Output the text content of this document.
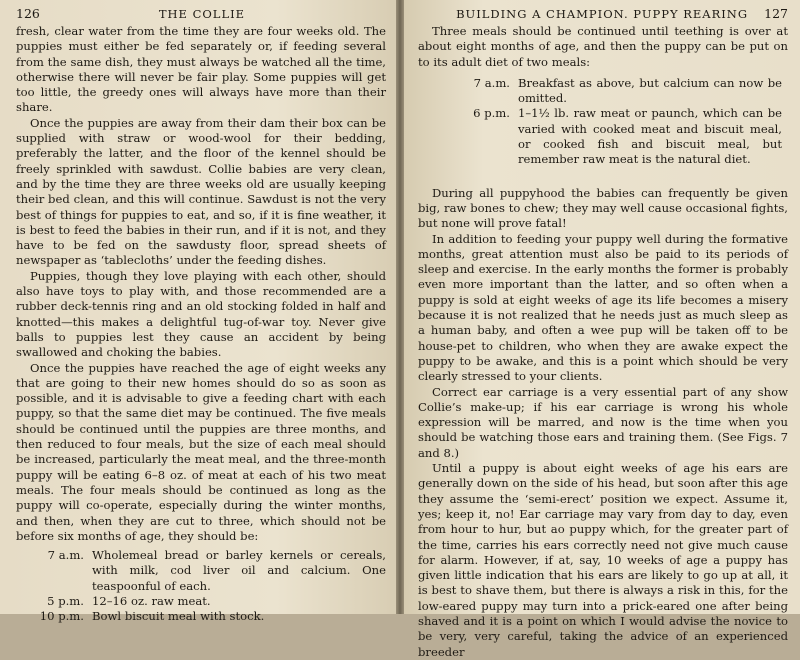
126	THE COLLIE

fresh, clear water from the time they are four weeks old. The puppies must either be fed separately or, if feeding several from the same dish, they must always be watched all the time, otherwise there will never be fair play. Some puppies will get too little, the greedy ones will always have more than their share.

Once the puppies are away from their dam their box can be supplied with straw or wood-wool for their bedding, preferably the latter, and the floor of the kennel should be freely sprinkled with sawdust. Collie babies are very clean, and by the time they are three weeks old are usually keeping their bed clean, and this will continue. Sawdust is not the very best of things for puppies to eat, and so, if it is fine weather, it is best to feed the babies in their run, and if it is not, and they have to be fed on the sawdusty floor, spread sheets of newspaper as ‘tablecloths’ under the feeding dishes.

Puppies, though they love playing with each other, should also have toys to play with, and those recommended are a rubber deck-tennis ring and an old stocking folded in half and knotted—this makes a delightful tug-of-war toy. Never give balls to puppies lest they cause an accident by being swallowed and choking the babies.

Once the puppies have reached the age of eight weeks any that are going to their new homes should do so as soon as possible, and it is advisable to give a feeding chart with each puppy, so that the same diet may be continued. The five meals should be continued until the puppies are three months, and then reduced to four meals, but the size of each meal should be increased, particularly the meat meal, and the three-month puppy will be eating 6–8 oz. of meat at each of his two meat meals. The four meals should be continued as long as the puppy will co-operate, especially during the winter months, and then, when they are cut to three, which should not be before six months of age, they should be:

7 a.m. Wholemeal bread or barley kernels or cereals, with milk, cod liver oil and calcium. One teaspoonful of each.
5 p.m. 12–16 oz. raw meat.
10 p.m. Bowl biscuit meal with stock.
BUILDING A CHAMPION. PUPPY REARING 127

Three meals should be continued until teething is over at about eight months of age, and then the puppy can be put on to its adult diet of two meals:

7 a.m. Breakfast as above, but calcium can now be omitted.
6 p.m. 1–1½ lb. raw meat or paunch, which can be varied with cooked meat and biscuit meal, or cooked fish and biscuit meal, but remember raw meat is the natural diet.

During all puppyhood the babies can frequently be given big, raw bones to chew; they may well cause occasional fights, but none will prove fatal!

In addition to feeding your puppy well during the formative months, great attention must also be paid to its periods of sleep and exercise. In the early months the former is probably even more important than the latter, and so often when a puppy is sold at eight weeks of age its life becomes a misery because it is not realized that he needs just as much sleep as a human baby, and often a wee pup will be taken off to be house-pet to children, who when they are awake expect the puppy to be awake, and this is a point which should be very clearly stressed to your clients.

Correct ear carriage is a very essential part of any show Collie’s make-up; if his ear carriage is wrong his whole expression will be marred, and now is the time when you should be watching those ears and training them. (See Figs. 7 and 8.)

Until a puppy is about eight weeks of age his ears are generally down on the side of his head, but soon after this age they assume the ‘semi-erect’ position we expect. Assume it, yes; keep it, no! Ear carriage may vary from day to day, even from hour to hur, but ao puppy which, for the greater part of the time, carries his ears correctly need not give much cause for alarm. However, if at, say, 10 weeks of age a puppy has given little indication that his ears are likely to go up at all, it is best to shave them, but there is always a risk in this, for the low-eared puppy may turn into a prick-eared one after being shaved and it is a point on which I would advise the novice to be very, very careful, taking the advice of an experienced breeder
